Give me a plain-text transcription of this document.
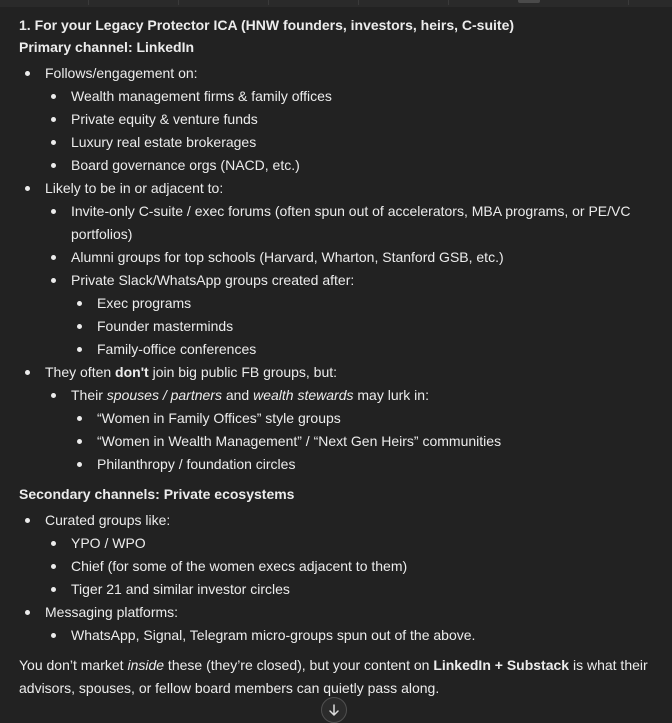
1. For your Legacy Protector ICA (HNW founders, investors, heirs, C-suite)
Primary channel: LinkedIn
Follows/engagement on:
Wealth management firms & family offices
Private equity & venture funds
Luxury real estate brokerages
Board governance orgs (NACD, etc.)
Likely to be in or adjacent to:
Invite-only C-suite / exec forums (often spun out of accelerators, MBA programs, or PE/VC portfolios)
Alumni groups for top schools (Harvard, Wharton, Stanford GSB, etc.)
Private Slack/WhatsApp groups created after:
Exec programs
Founder masterminds
Family-office conferences
They often don't join big public FB groups, but:
Their spouses / partners and wealth stewards may lurk in:
“Women in Family Offices” style groups
“Women in Wealth Management” / “Next Gen Heirs” communities
Philanthropy / foundation circles
Secondary channels: Private ecosystems
Curated groups like:
YPO / WPO
Chief (for some of the women execs adjacent to them)
Tiger 21 and similar investor circles
Messaging platforms:
WhatsApp, Signal, Telegram micro-groups spun out of the above.
You don’t market inside these (they’re closed), but your content on LinkedIn + Substack is what their advisors, spouses, or fellow board members can quietly pass along.
